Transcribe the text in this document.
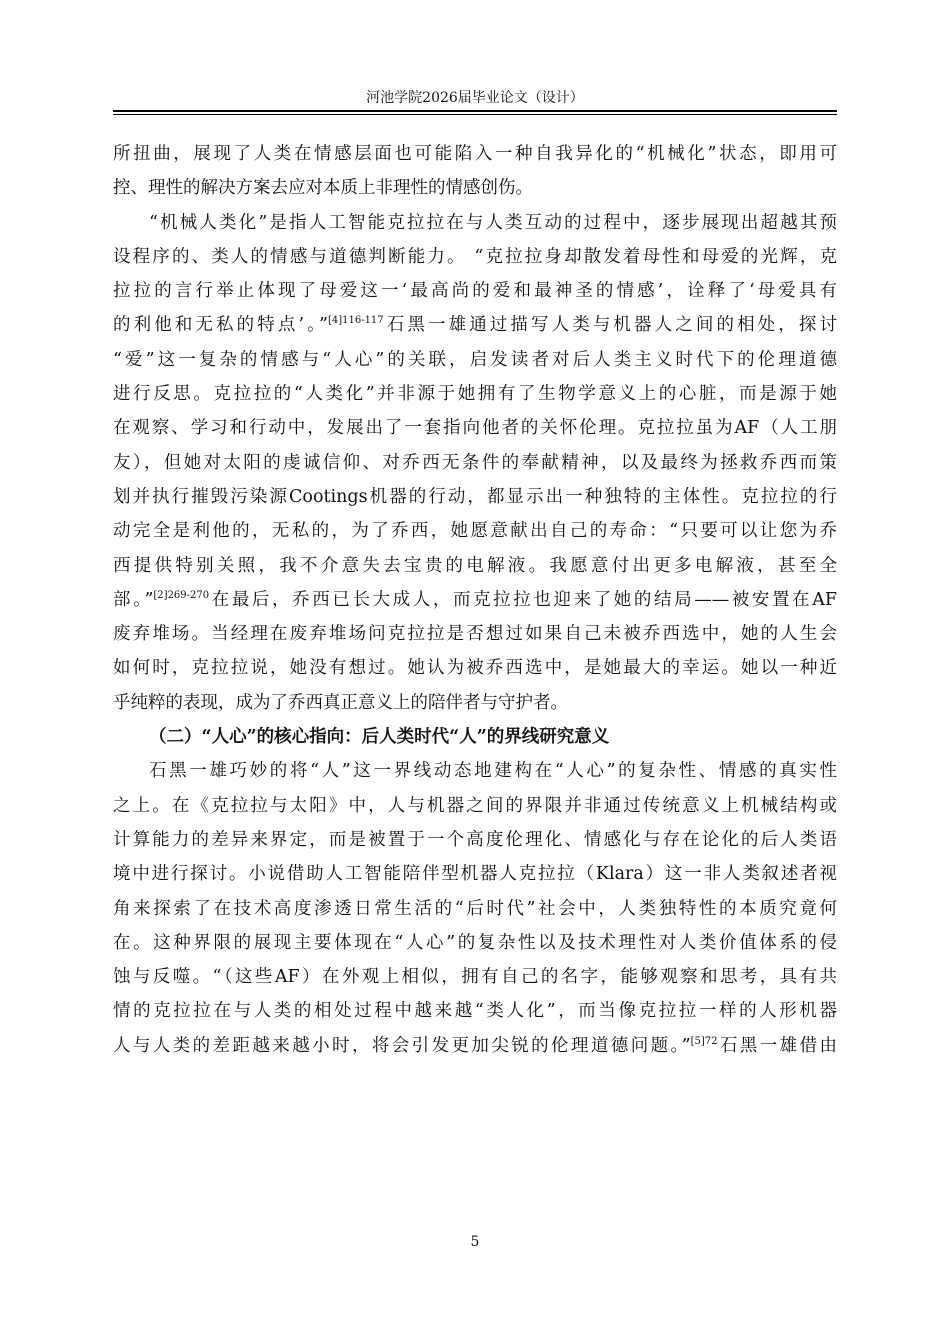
河池学院2026届毕业论文（设计）
所扭曲，展现了人类在情感层面也可能陷入一种自我异化的“机械化”状态，即用可
控、理性的解决方案去应对本质上非理性的情感创伤。
“机械人类化”是指人工智能克拉拉在与人类互动的过程中，逐步展现出超越其预
设程序的、类人的情感与道德判断能力。 “克拉拉身却散发着母性和母爱的光辉，克
拉拉的言行举止体现了母爱这一‘最高尚的爱和最神圣的情感’，诠释了‘母爱具有
的利他和无私的特点’。”$^{[4]116-117}$石黑一雄通过描写人类与机器人之间的相处，探讨
“爱”这一复杂的情感与“人心”的关联，启发读者对后人类主义时代下的伦理道德
进行反思。克拉拉的“人类化”并非源于她拥有了生物学意义上的心脏，而是源于她
在观察、学习和行动中，发展出了一套指向他者的关怀伦理。克拉拉虽为AF（人工朋
友），但她对太阳的虔诚信仰、对乔西无条件的奉献精神，以及最终为拯救乔西而策
划并执行摧毁污染源Cootings机器的行动，都显示出一种独特的主体性。克拉拉的行
动完全是利他的，无私的，为了乔西，她愿意献出自己的寿命：“只要可以让您为乔
西提供特别关照，我不介意失去宝贵的电解液。我愿意付出更多电解液，甚至全
部。”$^{[2]269-270}$在最后，乔西已长大成人，而克拉拉也迎来了她的结局——被安置在AF
废弃堆场。当经理在废弃堆场问克拉拉是否想过如果自己未被乔西选中，她的人生会
如何时，克拉拉说，她没有想过。她认为被乔西选中，是她最大的幸运。她以一种近
乎纯粹的表现，成为了乔西真正意义上的陪伴者与守护者。
（二）“人心”的核心指向：后人类时代“人”的界线研究意义
石黑一雄巧妙的将“人”这一界线动态地建构在“人心”的复杂性、情感的真实性
之上。在《克拉拉与太阳》中，人与机器之间的界限并非通过传统意义上机械结构或
计算能力的差异来界定，而是被置于一个高度伦理化、情感化与存在论化的后人类语
境中进行探讨。小说借助人工智能陪伴型机器人克拉拉（Klara）这一非人类叙述者视
角来探索了在技术高度渗透日常生活的“后时代”社会中，人类独特性的本质究竟何
在。这种界限的展现主要体现在“人心”的复杂性以及技术理性对人类价值体系的侵
蚀与反噬。“（这些AF）在外观上相似，拥有自己的名字，能够观察和思考，具有共
情的克拉拉在与人类的相处过程中越来越“类人化”，而当像克拉拉一样的人形机器
人与人类的差距越来越小时，将会引发更加尖锐的伦理道德问题。”$^{[5]72}$石黑一雄借由
5
